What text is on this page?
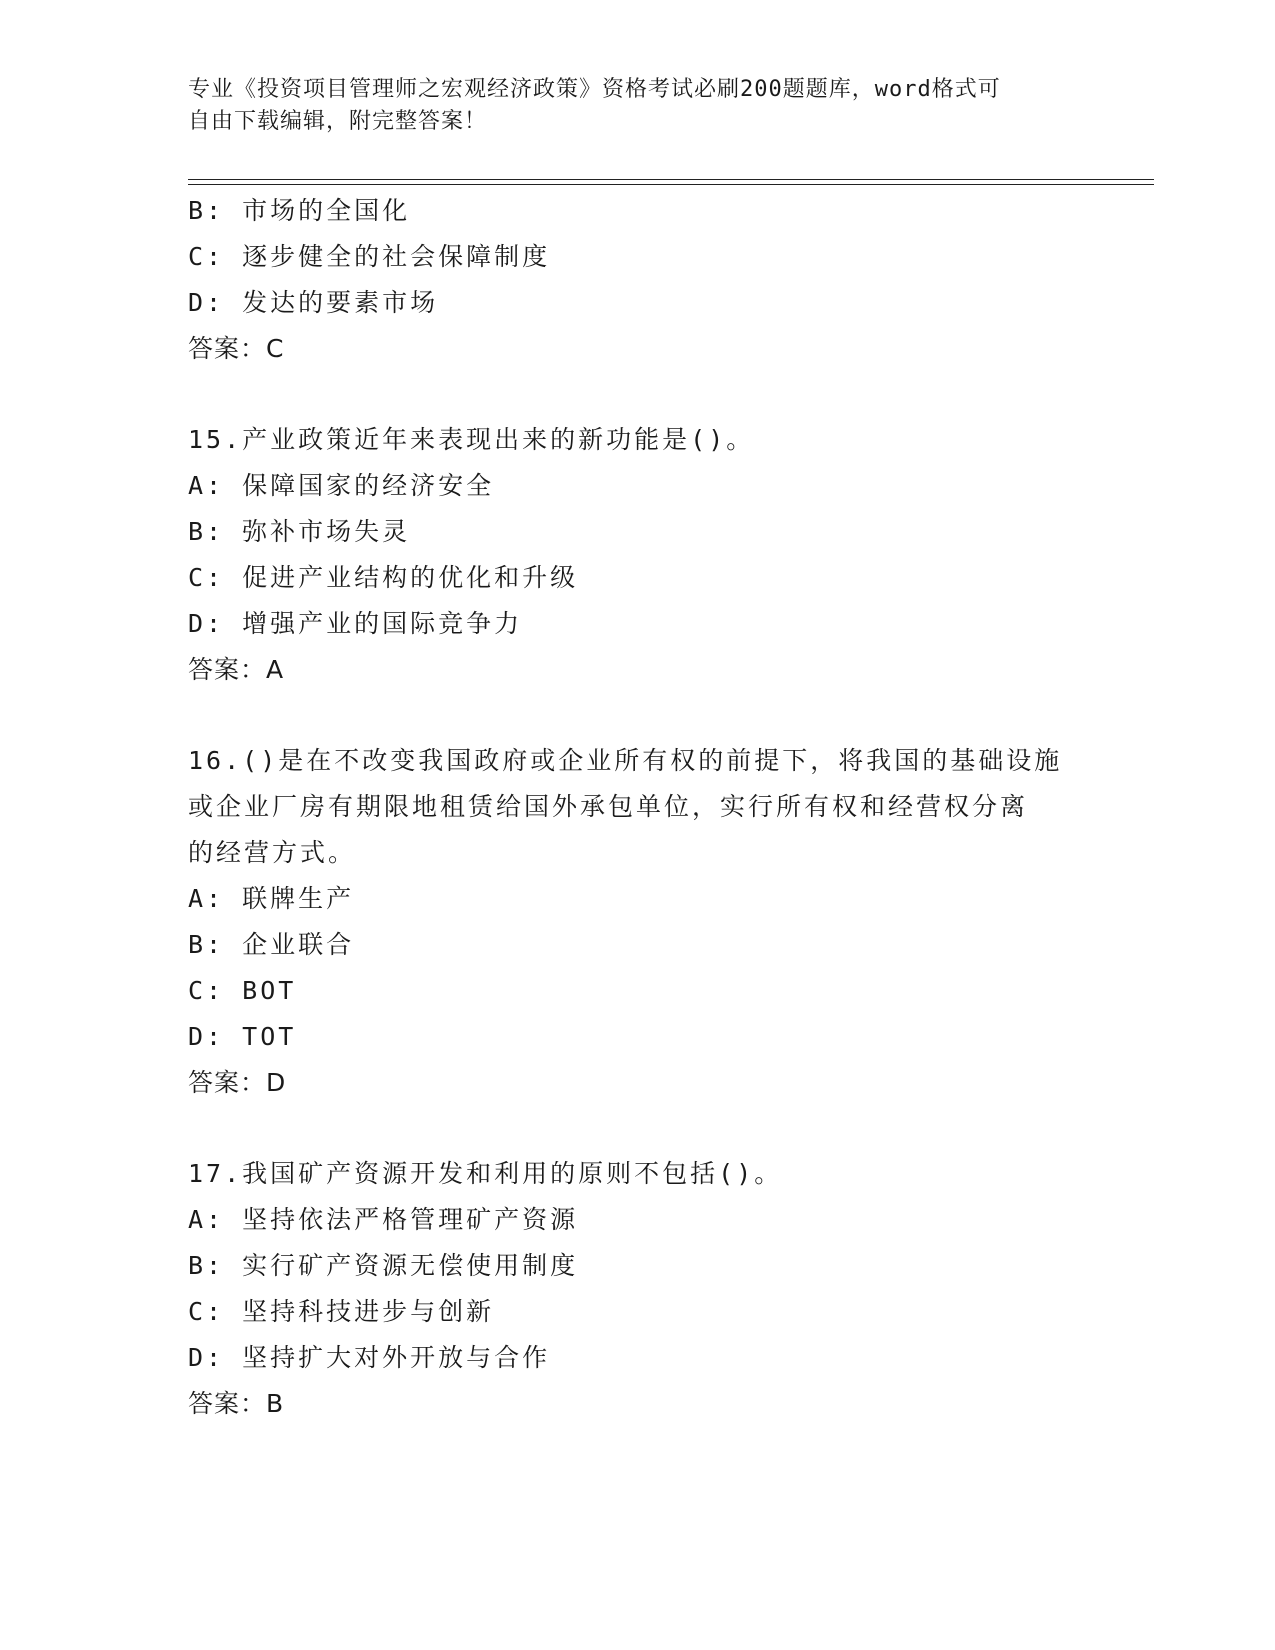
专业《投资项目管理师之宏观经济政策》资格考试必刷200题题库，word格式可
自由下载编辑，附完整答案！
B: 市场的全国化
C: 逐步健全的社会保障制度
D: 发达的要素市场
答案：C
15.产业政策近年来表现出来的新功能是()。
A: 保障国家的经济安全
B: 弥补市场失灵
C: 促进产业结构的优化和升级
D: 增强产业的国际竞争力
答案：A
16.()是在不改变我国政府或企业所有权的前提下，将我国的基础设施
或企业厂房有期限地租赁给国外承包单位，实行所有权和经营权分离
的经营方式。
A: 联牌生产
B: 企业联合
C: BOT
D: TOT
答案：D
17.我国矿产资源开发和利用的原则不包括()。
A: 坚持依法严格管理矿产资源
B: 实行矿产资源无偿使用制度
C: 坚持科技进步与创新
D: 坚持扩大对外开放与合作
答案：B
